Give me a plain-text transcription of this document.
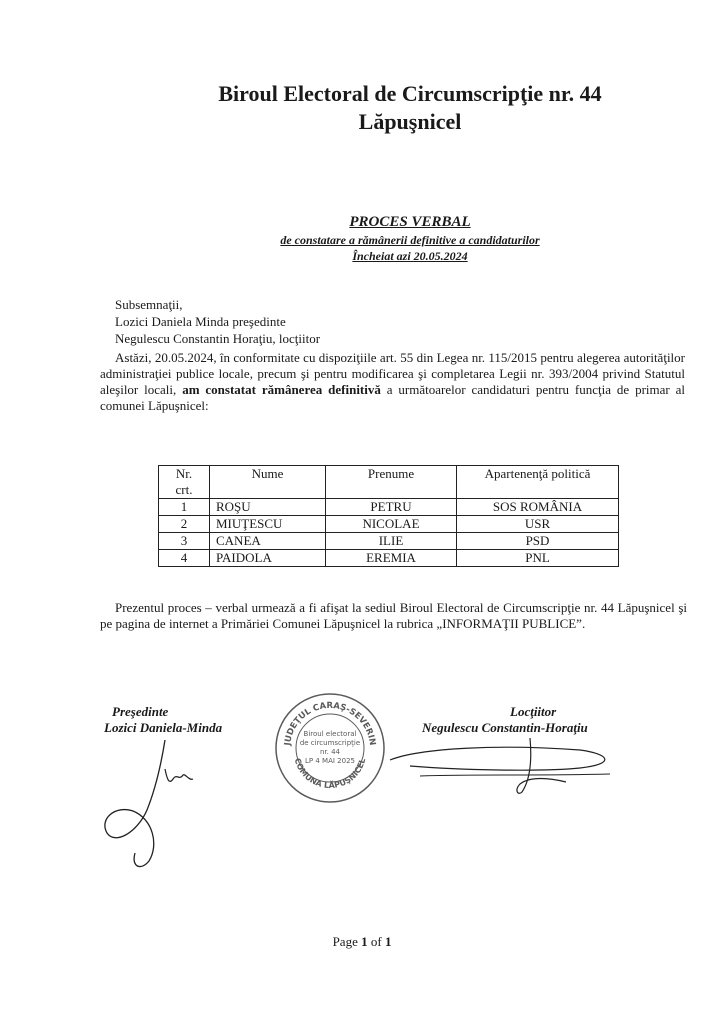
Biroul Electoral de Circumscripţie nr. 44
Lăpuşnicel
PROCES VERBAL
de constatare a rămânerii definitive a candidaturilor
Încheiat azi 20.05.2024
Subsemnaţii,
Lozici Daniela Minda preşedinte
Negulescu Constantin Horaţiu, locţiitor
Astăzi, 20.05.2024, în conformitate cu dispoziţiile art. 55 din Legea nr. 115/2015 pentru alegerea autorităţilor administraţiei publice locale, precum şi pentru modificarea şi completarea Legii nr. 393/2004 privind Statutul aleşilor locali, am constatat rămânerea definitivă a următoarelor candidaturi pentru funcţia de primar al comunei Lăpuşnicel:
Nr.
crt.	Nume	Prenume	Apartenenţă politică
1	ROŞU	PETRU	SOS ROMÂNIA
2	MIUŢESCU	NICOLAE	USR
3	CANEA	ILIE	PSD
4	PAIDOLA	EREMIA	PNL
Prezentul proces – verbal urmează a fi afişat la sediul Biroul Electoral de Circumscripţie nr. 44 Lăpuşnicel şi pe pagina de internet a Primăriei Comunei Lăpuşnicel la rubrica „INFORMAŢII PUBLICE”.
Preşedinte
Lozici Daniela-Minda
Locţiitor
Negulescu Constantin-Horaţiu
JUDEŢUL CARAŞ-SEVERIN
COMUNA LĂPUŞNICEL
Biroul electoral
de circumscripţie
nr. 44
LP 4 MAI 2025
Page 1 of 1
